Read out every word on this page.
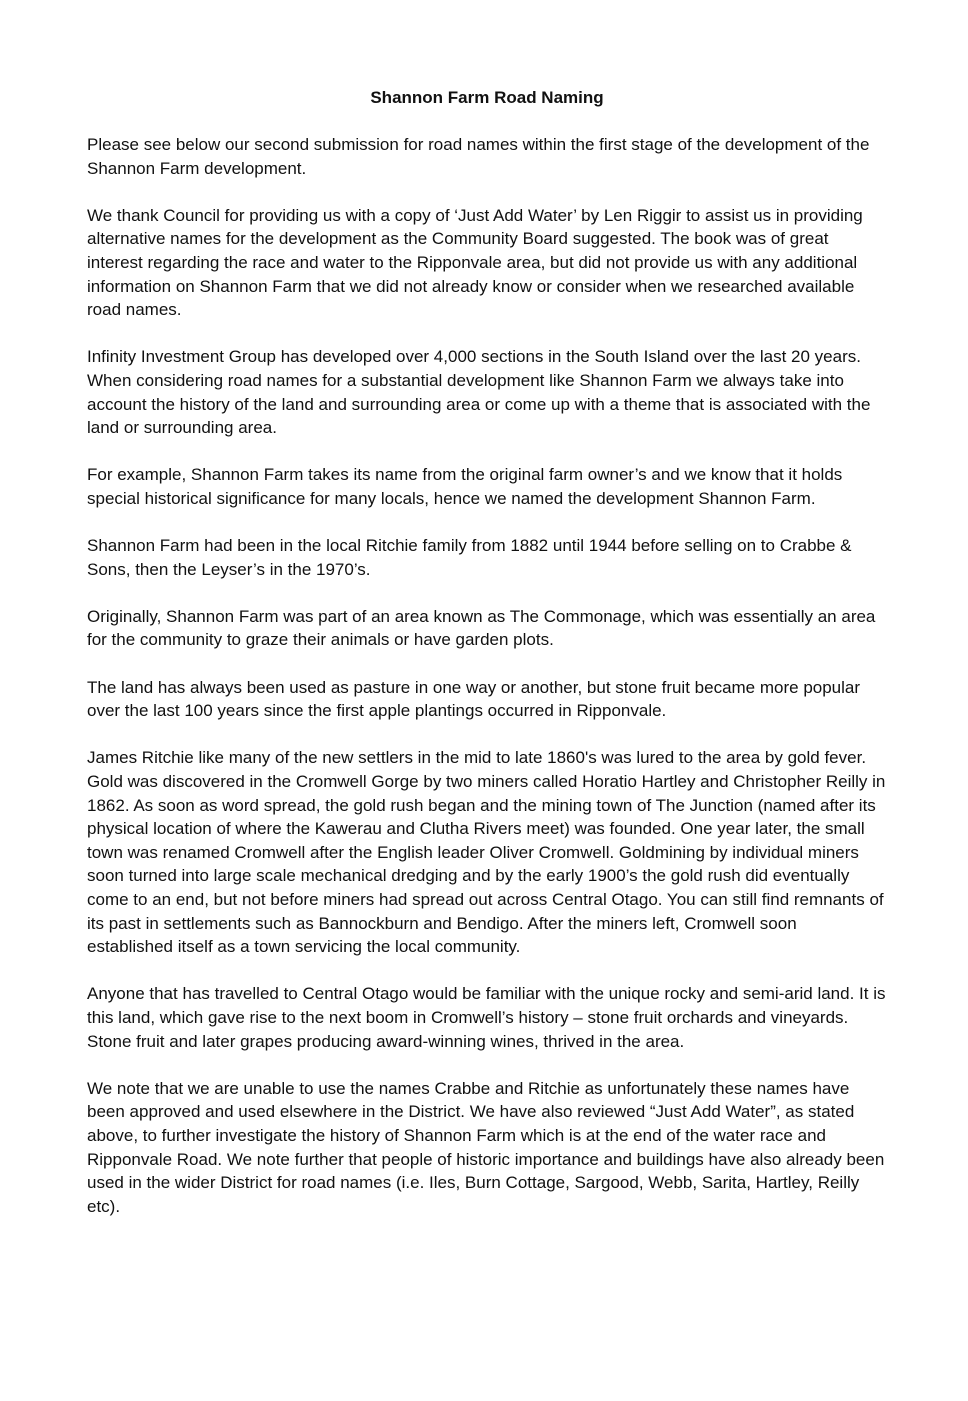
Shannon Farm Road Naming

Please see below our second submission for road names within the first stage of the development of the Shannon Farm development.

We thank Council for providing us with a copy of ‘Just Add Water’ by Len Riggir to assist us in providing alternative names for the development as the Community Board suggested. The book was of great interest regarding the race and water to the Ripponvale area, but did not provide us with any additional information on Shannon Farm that we did not already know or consider when we researched available road names.

Infinity Investment Group has developed over 4,000 sections in the South Island over the last 20 years. When considering road names for a substantial development like Shannon Farm we always take into account the history of the land and surrounding area or come up with a theme that is associated with the land or surrounding area.

For example, Shannon Farm takes its name from the original farm owner’s and we know that it holds special historical significance for many locals, hence we named the development Shannon Farm.

Shannon Farm had been in the local Ritchie family from 1882 until 1944 before selling on to Crabbe & Sons, then the Leyser’s in the 1970’s.

Originally, Shannon Farm was part of an area known as The Commonage, which was essentially an area for the community to graze their animals or have garden plots.

The land has always been used as pasture in one way or another, but stone fruit became more popular over the last 100 years since the first apple plantings occurred in Ripponvale.

James Ritchie like many of the new settlers in the mid to late 1860's was lured to the area by gold fever. Gold was discovered in the Cromwell Gorge by two miners called Horatio Hartley and Christopher Reilly in 1862. As soon as word spread, the gold rush began and the mining town of The Junction (named after its physical location of where the Kawerau and Clutha Rivers meet) was founded. One year later, the small town was renamed Cromwell after the English leader Oliver Cromwell. Goldmining by individual miners soon turned into large scale mechanical dredging and by the early 1900’s the gold rush did eventually come to an end, but not before miners had spread out across Central Otago. You can still find remnants of its past in settlements such as Bannockburn and Bendigo. After the miners left, Cromwell soon established itself as a town servicing the local community.

Anyone that has travelled to Central Otago would be familiar with the unique rocky and semi-arid land. It is this land, which gave rise to the next boom in Cromwell’s history – stone fruit orchards and vineyards. Stone fruit and later grapes producing award-winning wines, thrived in the area.

We note that we are unable to use the names Crabbe and Ritchie as unfortunately these names have been approved and used elsewhere in the District. We have also reviewed “Just Add Water”, as stated above, to further investigate the history of Shannon Farm which is at the end of the water race and Ripponvale Road. We note further that people of historic importance and buildings have also already been used in the wider District for road names (i.e. Iles, Burn Cottage, Sargood, Webb, Sarita, Hartley, Reilly etc).
